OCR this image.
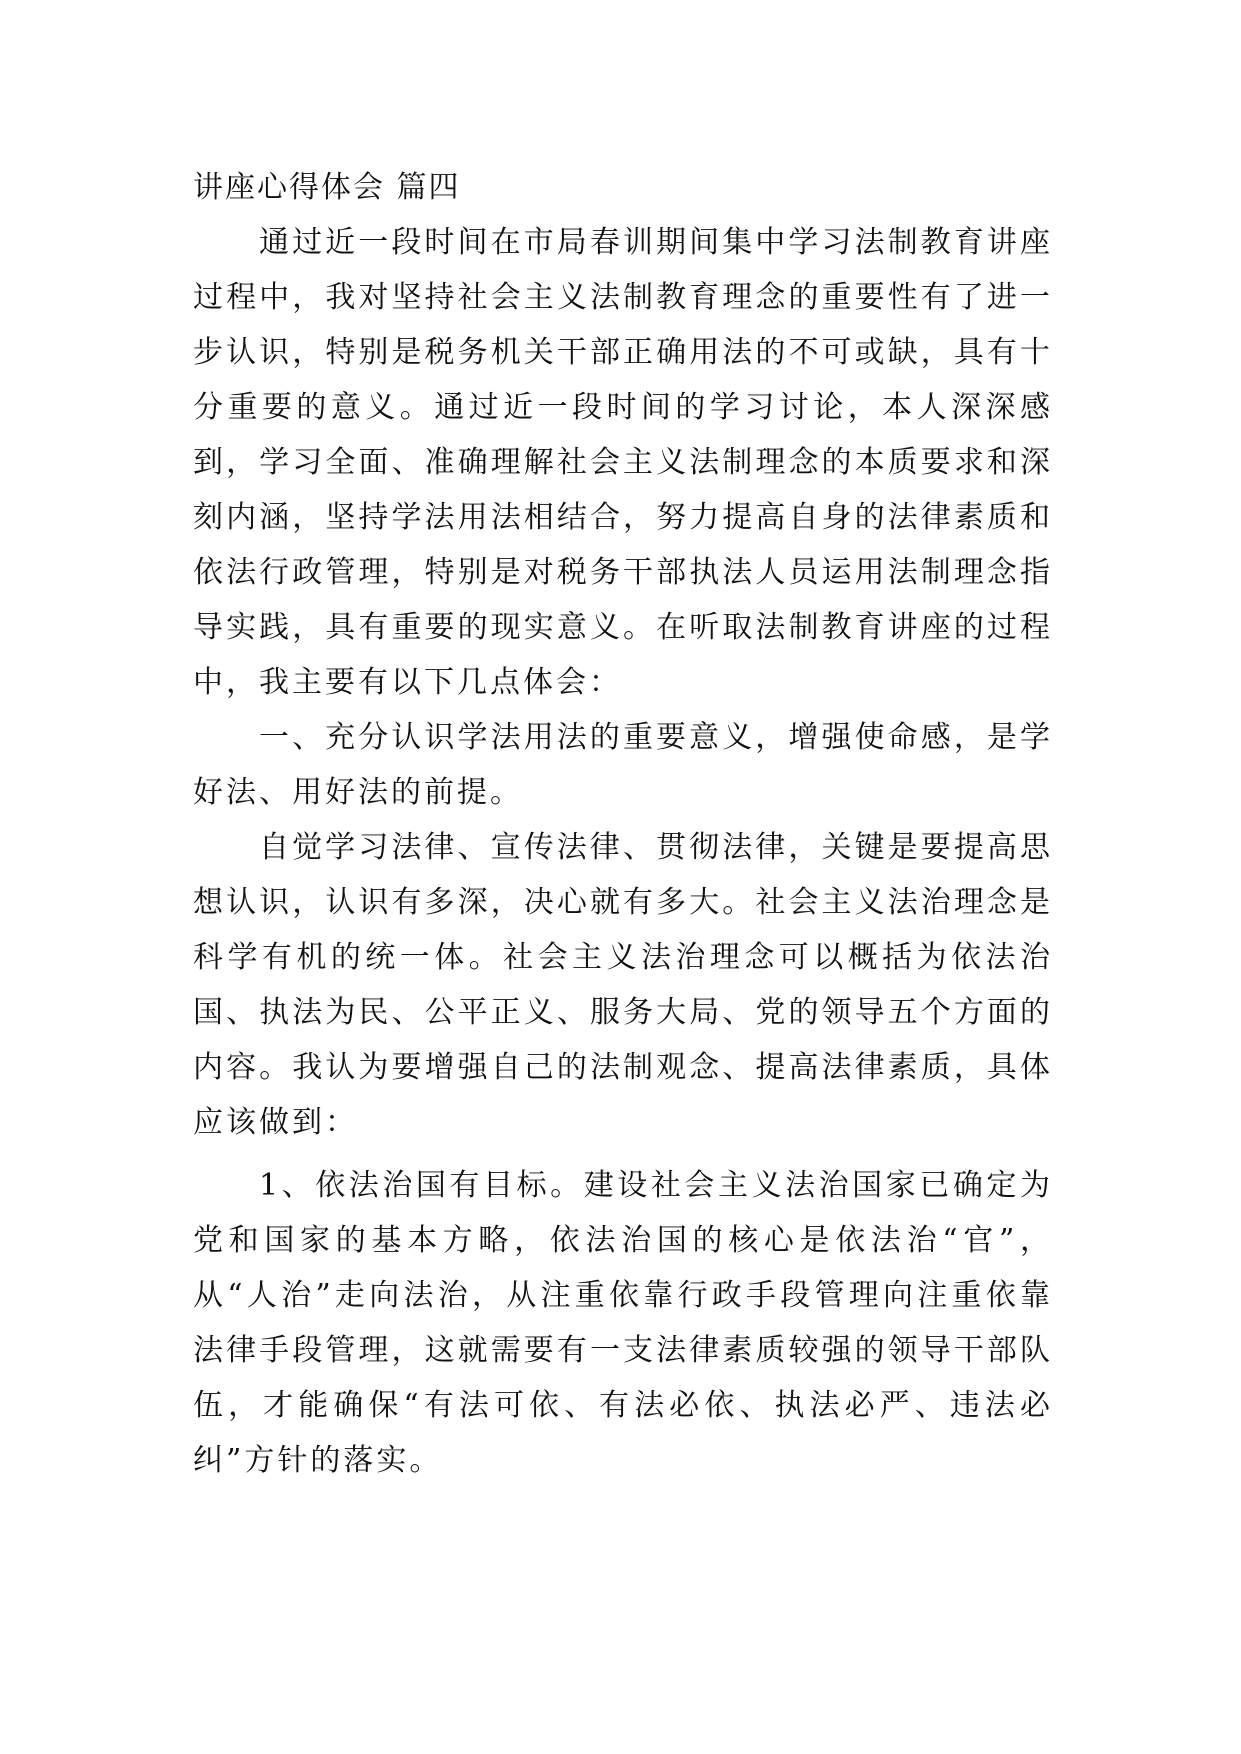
讲座心得体会 篇四

通过近一段时间在市局春训期间集中学习法制教育讲座过程中，我对坚持社会主义法制教育理念的重要性有了进一步认识，特别是税务机关干部正确用法的不可或缺，具有十分重要的意义。通过近一段时间的学习讨论，本人深深感到，学习全面、准确理解社会主义法制理念的本质要求和深刻内涵，坚持学法用法相结合，努力提高自身的法律素质和依法行政管理，特别是对税务干部执法人员运用法制理念指导实践，具有重要的现实意义。在听取法制教育讲座的过程中，我主要有以下几点体会：

一、充分认识学法用法的重要意义，增强使命感，是学好法、用好法的前提。

自觉学习法律、宣传法律、贯彻法律，关键是要提高思想认识，认识有多深，决心就有多大。社会主义法治理念是科学有机的统一体。社会主义法治理念可以概括为依法治国、执法为民、公平正义、服务大局、党的领导五个方面的内容。我认为要增强自己的法制观念、提高法律素质，具体应该做到：

1、依法治国有目标。建设社会主义法治国家已确定为党和国家的基本方略，依法治国的核心是依法治“官”，从“人治”走向法治，从注重依靠行政手段管理向注重依靠法律手段管理，这就需要有一支法律素质较强的领导干部队伍，才能确保“有法可依、有法必依、执法必严、违法必纠”方针的落实。
